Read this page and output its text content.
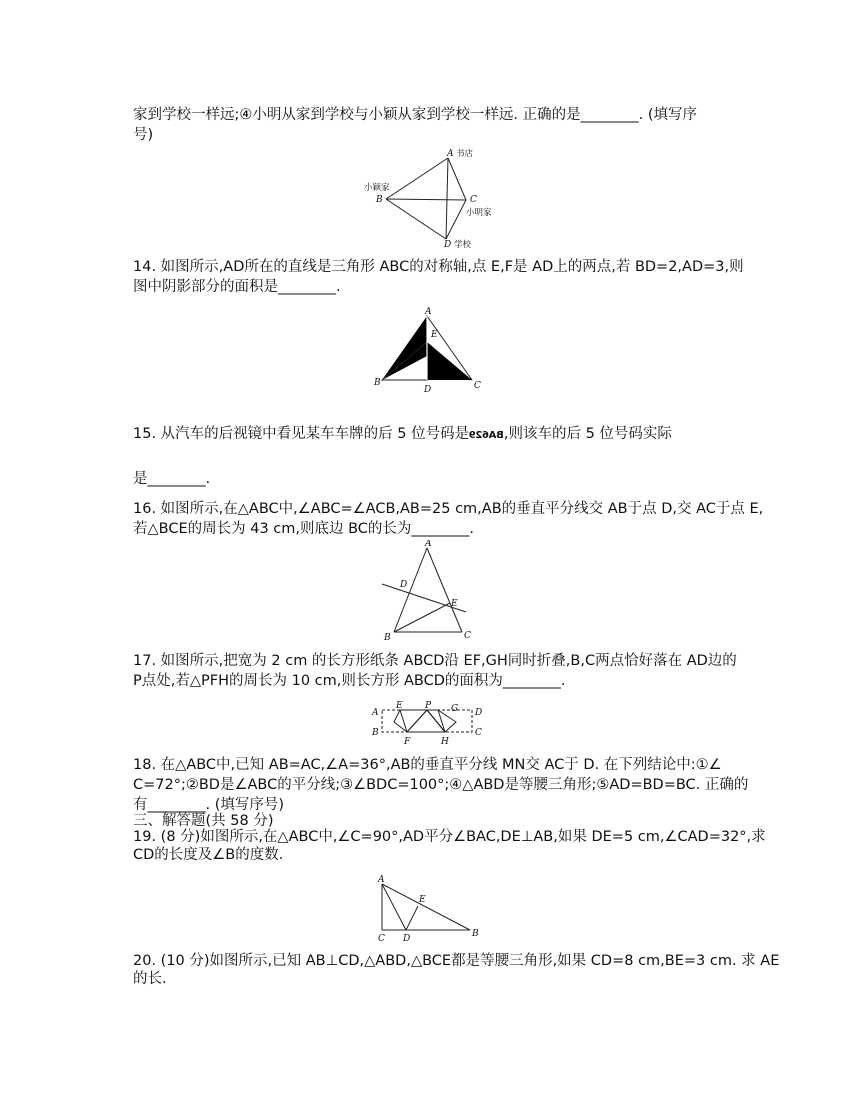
家到学校一样远;④小明从家到学校与小颖从家到学校一样远. 正确的是________. (填写序
号)
A 书店
小颖家
B	C
小明家
D 学校
14. 如图所示,AD所在的直线是三角形 ABC的对称轴,点 E,F是 AD上的两点,若 BD=2,AD=3,则
图中阴影部分的面积是________.
A
E
F
B
D	C
15. 从汽车的后视镜中看见某车车牌的后 5 位号码是BA629,则该车的后 5 位号码实际
是________.
16. 如图所示,在△ABC中,∠ABC=∠ACB,AB=25 cm,AB的垂直平分线交 AB于点 D,交 AC于点 E,
若△BCE的周长为 43 cm,则底边 BC的长为________.
A
D
E
B	C
17. 如图所示,把宽为 2 cm 的长方形纸条 ABCD沿 EF,GH同时折叠,B,C两点恰好落在 AD边的
P点处,若△PFH的周长为 10 cm,则长方形 ABCD的面积为________.
A
E P G D
B
F	H
C
18. 在△ABC中,已知 AB=AC,∠A=36°,AB的垂直平分线 MN交 AC于 D. 在下列结论中:①∠
C=72°;②BD是∠ABC的平分线;③∠BDC=100°;④△ABD是等腰三角形;⑤AD=BD=BC. 正确的
有________. (填写序号)
三、解答题(共 58 分)
19. (8 分)如图所示,在△ABC中,∠C=90°,AD平分∠BAC,DE⊥AB,如果 DE=5 cm,∠CAD=32°,求
CD的长度及∠B的度数.
A
E
C D	B
20. (10 分)如图所示,已知 AB⊥CD,△ABD,△BCE都是等腰三角形,如果 CD=8 cm,BE=3 cm. 求 AE
的长.
